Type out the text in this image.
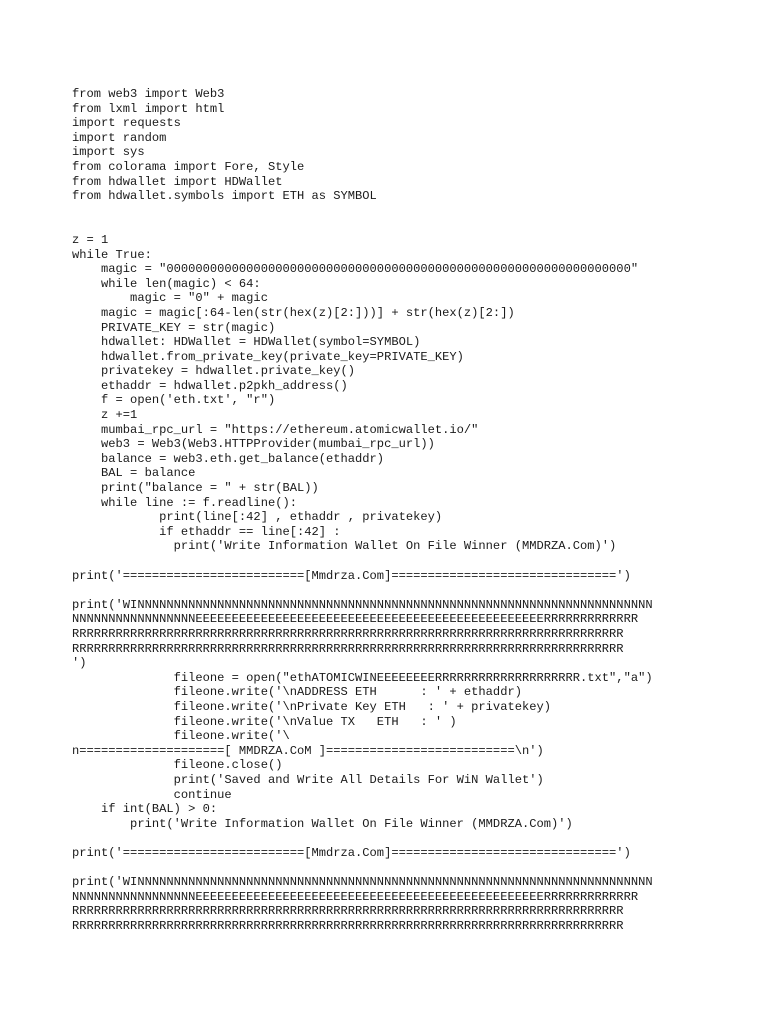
from web3 import Web3
from lxml import html
import requests
import random
import sys
from colorama import Fore, Style
from hdwallet import HDWallet
from hdwallet.symbols import ETH as SYMBOL
z = 1
while True:
magic = "0000000000000000000000000000000000000000000000000000000000000000"
while len(magic) < 64:
magic = "0" + magic
magic = magic[:64-len(str(hex(z)[2:]))] + str(hex(z)[2:])
PRIVATE_KEY = str(magic)
hdwallet: HDWallet = HDWallet(symbol=SYMBOL)
hdwallet.from_private_key(private_key=PRIVATE_KEY)
privatekey = hdwallet.private_key()
ethaddr = hdwallet.p2pkh_address()
f = open('eth.txt', "r")
z +=1
mumbai_rpc_url = "https://ethereum.atomicwallet.io/"
web3 = Web3(Web3.HTTPProvider(mumbai_rpc_url))
balance = web3.eth.get_balance(ethaddr)
BAL = balance
print("balance = " + str(BAL))
while line := f.readline():
print(line[:42] , ethaddr , privatekey)
if ethaddr == line[:42] :
print('Write Information Wallet On File Winner (MMDRZA.Com)')
print('=========================[Mmdrza.Com]===============================')
print('WINNNNNNNNNNNNNNNNNNNNNNNNNNNNNNNNNNNNNNNNNNNNNNNNNNNNNNNNNNNNNNNNNNNNNNN
NNNNNNNNNNNNNNNNNEEEEEEEEEEEEEEEEEEEEEEEEEEEEEEEEEEEEEEEEEEEEEEEERRRRRRRRRRRRR
RRRRRRRRRRRRRRRRRRRRRRRRRRRRRRRRRRRRRRRRRRRRRRRRRRRRRRRRRRRRRRRRRRRRRRRRRRRR
RRRRRRRRRRRRRRRRRRRRRRRRRRRRRRRRRRRRRRRRRRRRRRRRRRRRRRRRRRRRRRRRRRRRRRRRRRRR
')
fileone = open("ethATOMICWINEEEEEEEERRRRRRRRRRRRRRRRRRRR.txt","a")
fileone.write('\nADDRESS ETH      : ' + ethaddr)
fileone.write('\nPrivate Key ETH   : ' + privatekey)
fileone.write('\nValue TX   ETH   : ' )
fileone.write('\
n====================[ MMDRZA.CoM ]==========================\n')
fileone.close()
print('Saved and Write All Details For WiN Wallet')
continue
if int(BAL) > 0:
print('Write Information Wallet On File Winner (MMDRZA.Com)')
print('=========================[Mmdrza.Com]===============================')
print('WINNNNNNNNNNNNNNNNNNNNNNNNNNNNNNNNNNNNNNNNNNNNNNNNNNNNNNNNNNNNNNNNNNNNNNN
NNNNNNNNNNNNNNNNNEEEEEEEEEEEEEEEEEEEEEEEEEEEEEEEEEEEEEEEEEEEEEEEERRRRRRRRRRRRR
RRRRRRRRRRRRRRRRRRRRRRRRRRRRRRRRRRRRRRRRRRRRRRRRRRRRRRRRRRRRRRRRRRRRRRRRRRRR
RRRRRRRRRRRRRRRRRRRRRRRRRRRRRRRRRRRRRRRRRRRRRRRRRRRRRRRRRRRRRRRRRRRRRRRRRRRR
